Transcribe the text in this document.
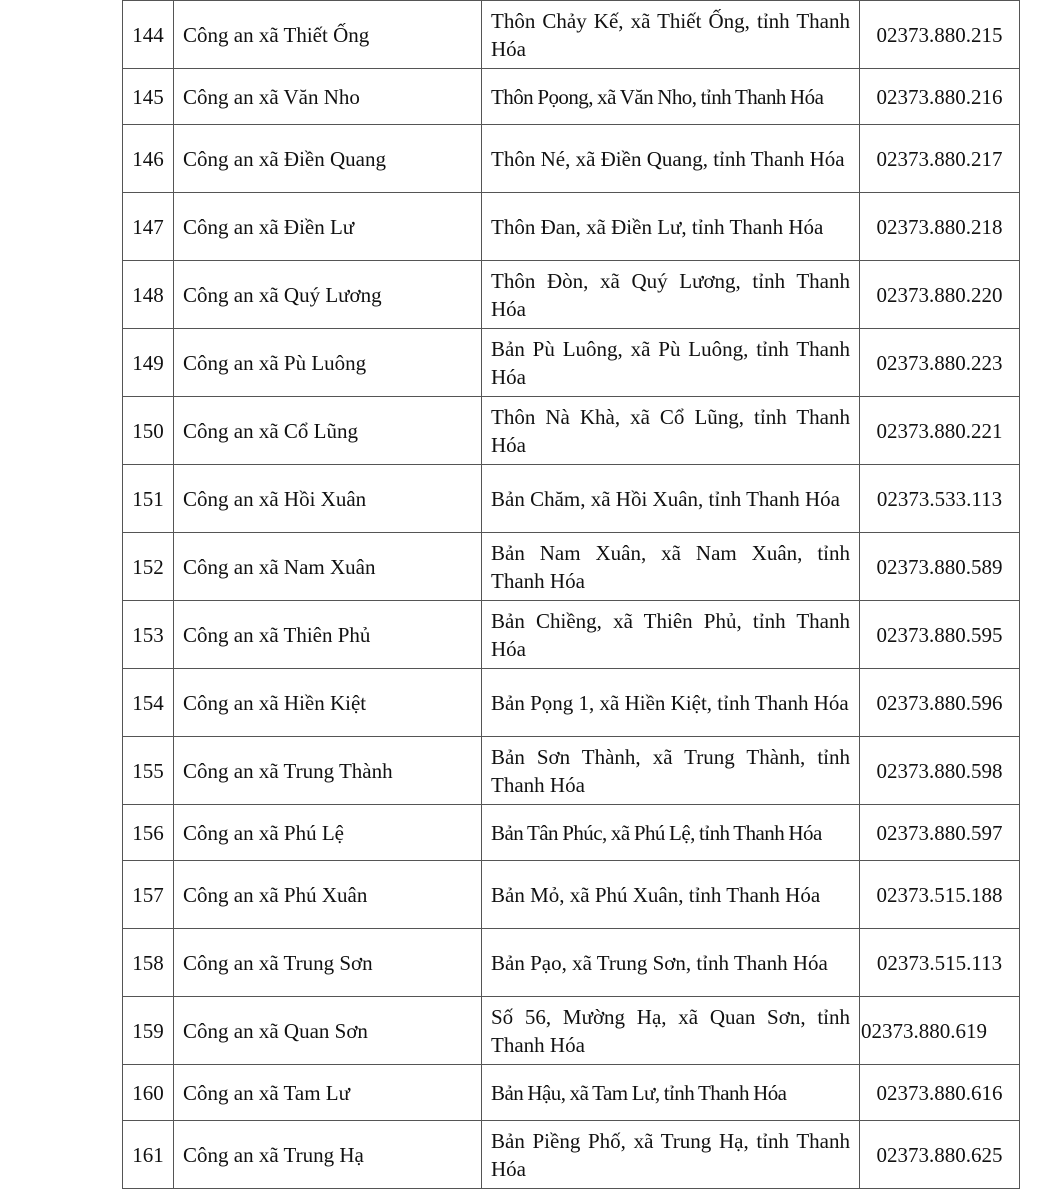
144	Công an xã Thiết Ống	Thôn Chảy Kế, xã Thiết Ống, tỉnh Thanh Hóa	02373.880.215
145	Công an xã Văn Nho	Thôn Pọong, xã Văn Nho, tỉnh Thanh Hóa	02373.880.216
146	Công an xã Điền Quang	Thôn Né, xã Điền Quang, tỉnh Thanh Hóa	02373.880.217
147	Công an xã Điền Lư	Thôn Đan, xã Điền Lư, tỉnh Thanh Hóa	02373.880.218
148	Công an xã Quý Lương	Thôn Đòn, xã Quý Lương, tỉnh Thanh Hóa	02373.880.220
149	Công an xã Pù Luông	Bản Pù Luông, xã Pù Luông, tỉnh Thanh Hóa	02373.880.223
150	Công an xã Cổ Lũng	Thôn Nà Khà, xã Cổ Lũng, tỉnh Thanh Hóa	02373.880.221
151	Công an xã Hồi Xuân	Bản Chăm, xã Hồi Xuân, tỉnh Thanh Hóa	02373.533.113
152	Công an xã Nam Xuân	Bản Nam Xuân, xã Nam Xuân, tỉnh Thanh Hóa	02373.880.589
153	Công an xã Thiên Phủ	Bản Chiềng, xã Thiên Phủ, tỉnh Thanh Hóa	02373.880.595
154	Công an xã Hiền Kiệt	Bản Pọng 1, xã Hiền Kiệt, tỉnh Thanh Hóa	02373.880.596
155	Công an xã Trung Thành	Bản Sơn Thành, xã Trung Thành, tỉnh Thanh Hóa	02373.880.598
156	Công an xã Phú Lệ	Bản Tân Phúc, xã Phú Lệ, tỉnh Thanh Hóa	02373.880.597
157	Công an xã Phú Xuân	Bản Mỏ, xã Phú Xuân, tỉnh Thanh Hóa	02373.515.188
158	Công an xã Trung Sơn	Bản Pạo, xã Trung Sơn, tỉnh Thanh Hóa	02373.515.113
159	Công an xã Quan Sơn	Số 56, Mường Hạ, xã Quan Sơn, tỉnh Thanh Hóa	02373.880.619
160	Công an xã Tam Lư	Bản Hậu, xã Tam Lư, tỉnh Thanh Hóa	02373.880.616
161	Công an xã Trung Hạ	Bản Piềng Phố, xã Trung Hạ, tỉnh Thanh Hóa	02373.880.625
